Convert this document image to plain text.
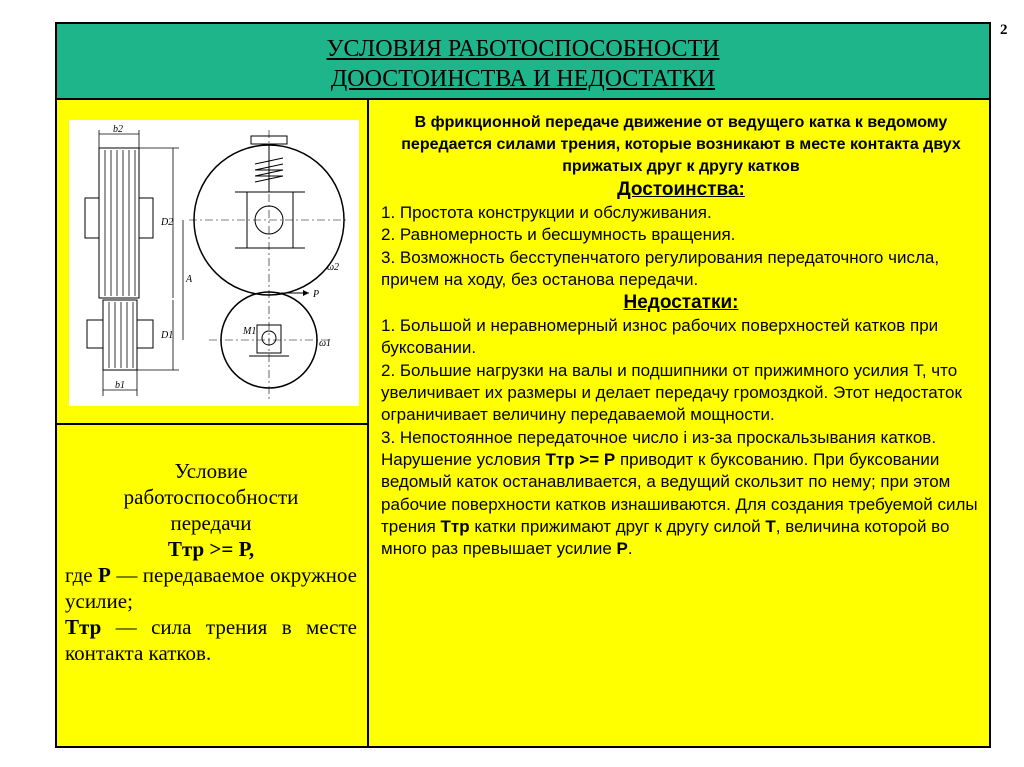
2
УСЛОВИЯ РАБОТОСПОСОБНОСТИ
ДООСТОИНСТВА И НЕДОСТАТКИ
b2
b1
D2
D1
A
P
ω2
ω1
M1
Условие
работоспособности
передачи
Ттр >= Р,
где Р — передаваемое окружное усилие;
Ттр — сила трения в месте контакта катков.
В фрикционной передаче движение от ведущего катка к ведомому передается силами трения, которые возникают в месте контакта двух прижатых друг к другу катков
Достоинства:

1. Простота конструкции и обслуживания.

2. Равномерность и бесшумность вращения.

3. Возможность бесступенчатого регулирования передаточного числа, причем на ходу, без останова передачи.

Недостатки:

1. Большой и неравномерный износ рабочих поверхностей катков при буксовании.

2. Большие нагрузки на валы и подшипники от прижимного усилия Т, что увеличивает их размеры и делает передачу громоздкой. Этот недостаток ограничивает величину передаваемой мощности.

3. Непостоянное передаточное число i из-за проскальзывания катков.

Нарушение условия Ттр >= Р приводит к буксованию. При буксовании ведомый каток останавливается, а ведущий скользит по нему; при этом рабочие поверхности катков изнашиваются. Для создания требуемой силы трения Ттр катки прижимают друг к другу силой Т, величина которой во много раз превышает усилие Р.
